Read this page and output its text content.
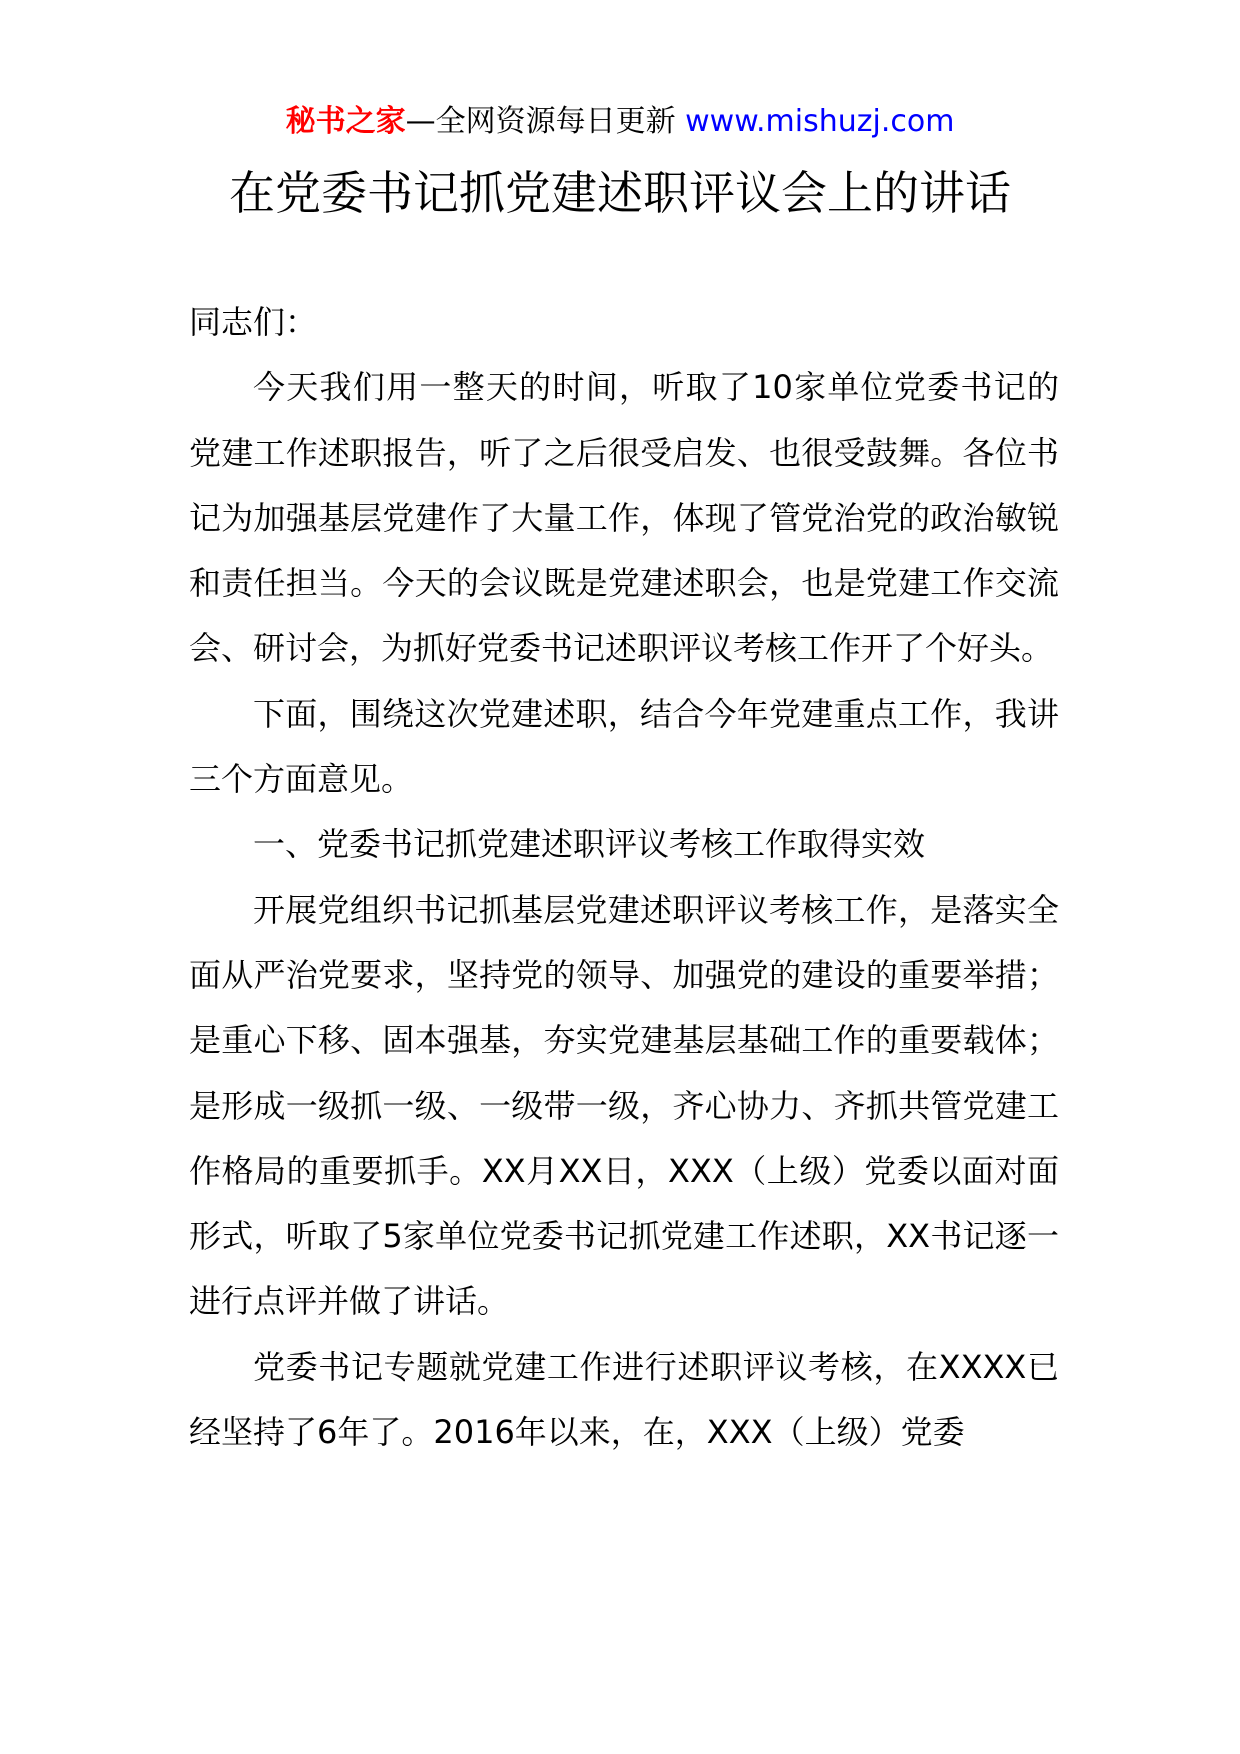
秘书之家—全网资源每日更新 www.mishuzj.com
在党委书记抓党建述职评议会上的讲话

同志们：

今天我们用一整天的时间，听取了10家单位党委书记的党建工作述职报告，听了之后很受启发、也很受鼓舞。各位书记为加强基层党建作了大量工作，体现了管党治党的政治敏锐和责任担当。今天的会议既是党建述职会，也是党建工作交流会、研讨会，为抓好党委书记述职评议考核工作开了个好头。

下面，围绕这次党建述职，结合今年党建重点工作，我讲三个方面意见。

一、党委书记抓党建述职评议考核工作取得实效

开展党组织书记抓基层党建述职评议考核工作，是落实全面从严治党要求，坚持党的领导、加强党的建设的重要举措；是重心下移、固本强基，夯实党建基层基础工作的重要载体；是形成一级抓一级、一级带一级，齐心协力、齐抓共管党建工作格局的重要抓手。XX月XX日，XXX（上级）党委以面对面形式，听取了5家单位党委书记抓党建工作述职，XX书记逐一进行点评并做了讲话。

党委书记专题就党建工作进行述职评议考核，在XXXX已经坚持了6年了。2016年以来，在，XXX（上级）党委
